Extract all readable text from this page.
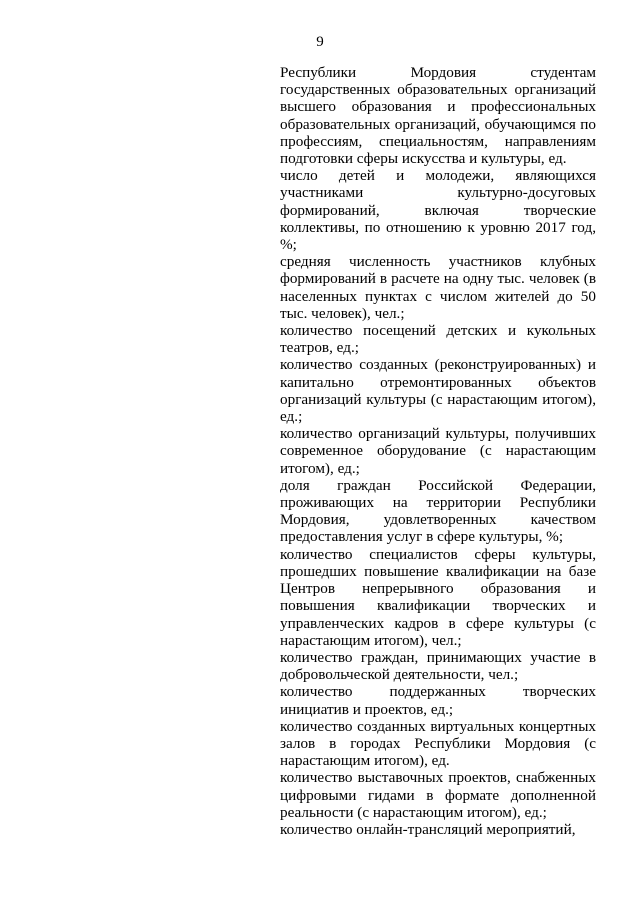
9

Республики Мордовия студентам государственных образовательных организаций высшего образования и профессиональных образовательных организаций, обучающимся по профессиям, специальностям, направлениям подготовки сферы искусства и культуры, ед.

число детей и молодежи, являющихся участниками культурно-досуговых формирований, включая творческие коллективы, по отношению к уровню 2017 год, %;

средняя численность участников клубных формирований в расчете на одну тыс. человек (в населенных пунктах с числом жителей до 50 тыс. человек), чел.;

количество посещений детских и кукольных театров, ед.;

количество созданных (реконструированных) и капитально отремонтированных объектов организаций культуры (с нарастающим итогом), ед.;

количество организаций культуры, получивших современное оборудование (с нарастающим итогом), ед.;

доля граждан Российской Федерации, проживающих на территории Республики Мордовия, удовлетворенных качеством предоставления услуг в сфере культуры, %;

количество специалистов сферы культуры, прошедших повышение квалификации на базе Центров непрерывного образования и повышения квалификации творческих и управленческих кадров в сфере культуры (с нарастающим итогом), чел.;

количество граждан, принимающих участие в добровольческой деятельности, чел.;

количество поддержанных творческих инициатив и проектов, ед.;

количество созданных виртуальных концертных залов в городах Республики Мордовия (с нарастающим итогом), ед.

количество выставочных проектов, снабженных цифровыми гидами в формате дополненной реальности (с нарастающим итогом), ед.;

количество онлайн-трансляций мероприятий,
